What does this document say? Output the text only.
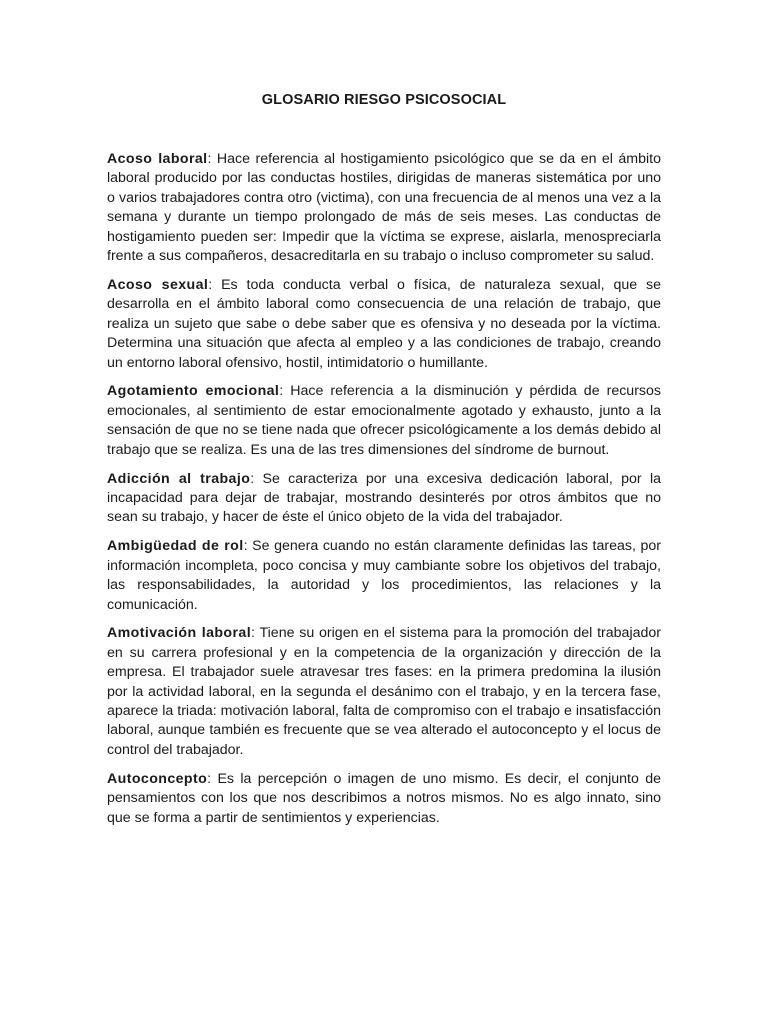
GLOSARIO RIESGO PSICOSOCIAL

Acoso laboral: Hace referencia al hostigamiento psicológico que se da en el ámbito laboral producido por las conductas hostiles, dirigidas de maneras sistemática por uno o varios trabajadores contra otro (victima), con una frecuencia de al menos una vez a la semana y durante un tiempo prolongado de más de seis meses. Las conductas de hostigamiento pueden ser: Impedir que la víctima se exprese, aislarla, menospreciarla frente a sus compañeros, desacreditarla en su trabajo o incluso comprometer su salud.

Acoso sexual: Es toda conducta verbal o física, de naturaleza sexual, que se desarrolla en el ámbito laboral como consecuencia de una relación de trabajo, que realiza un sujeto que sabe o debe saber que es ofensiva y no deseada por la víctima. Determina una situación que afecta al empleo y a las condiciones de trabajo, creando un entorno laboral ofensivo, hostil, intimidatorio o humillante.

Agotamiento emocional: Hace referencia a la disminución y pérdida de recursos emocionales, al sentimiento de estar emocionalmente agotado y exhausto, junto a la sensación de que no se tiene nada que ofrecer psicológicamente a los demás debido al trabajo que se realiza. Es una de las tres dimensiones del síndrome de burnout.

Adicción al trabajo: Se caracteriza por una excesiva dedicación laboral, por la incapacidad para dejar de trabajar, mostrando desinterés por otros ámbitos que no sean su trabajo, y hacer de éste el único objeto de la vida del trabajador.

Ambigüedad de rol: Se genera cuando no están claramente definidas las tareas, por información incompleta, poco concisa y muy cambiante sobre los objetivos del trabajo, las responsabilidades, la autoridad y los procedimientos, las relaciones y la comunicación.

Amotivación laboral: Tiene su origen en el sistema para la promoción del trabajador en su carrera profesional y en la competencia de la organización y dirección de la empresa. El trabajador suele atravesar tres fases: en la primera predomina la ilusión por la actividad laboral, en la segunda el desánimo con el trabajo, y en la tercera fase, aparece la triada: motivación laboral, falta de compromiso con el trabajo e insatisfacción laboral, aunque también es frecuente que se vea alterado el autoconcepto y el locus de control del trabajador.

Autoconcepto: Es la percepción o imagen de uno mismo. Es decir, el conjunto de pensamientos con los que nos describimos a notros mismos. No es algo innato, sino que se forma a partir de sentimientos y experiencias.
